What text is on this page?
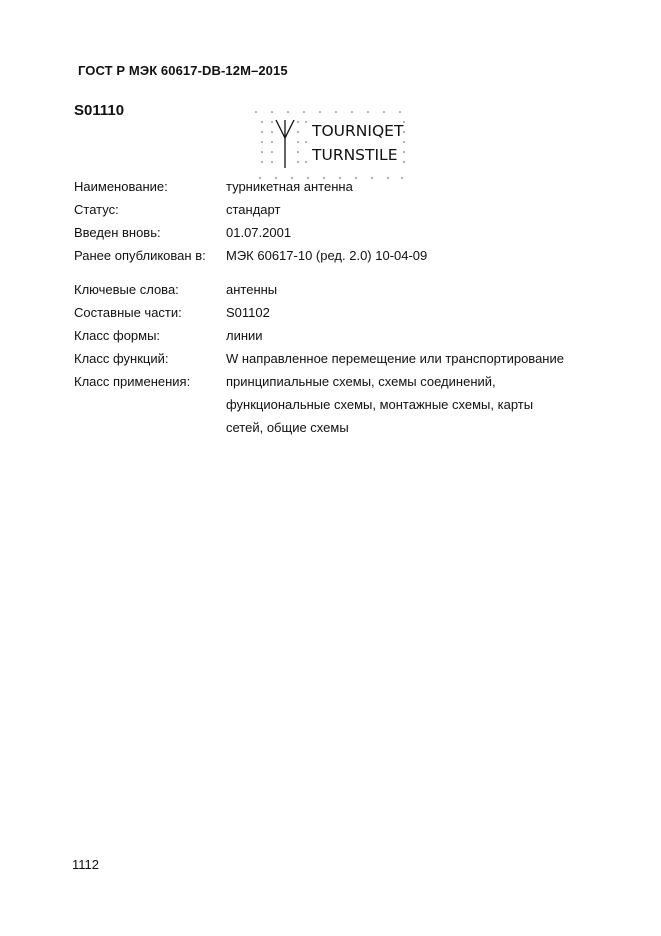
ГОСТ Р МЭК 60617-DB-12M–2015
S01110
TOURNIQET
TURNSTILE
Наименование:	турникетная антенна
Статус:	стандарт
Введен вновь:	01.07.2001
Ранее опубликован в: МЭК 60617-10 (ред. 2.0) 10-04-09
Ключевые слова:	антенны
Составные части:	S01102
Класс формы:	линии
Класс функций:	W направленное перемещение или транспортирование
Класс применения:	принципиальные схемы, схемы соединений,
функциональные схемы, монтажные схемы, карты
сетей, общие схемы
1112
